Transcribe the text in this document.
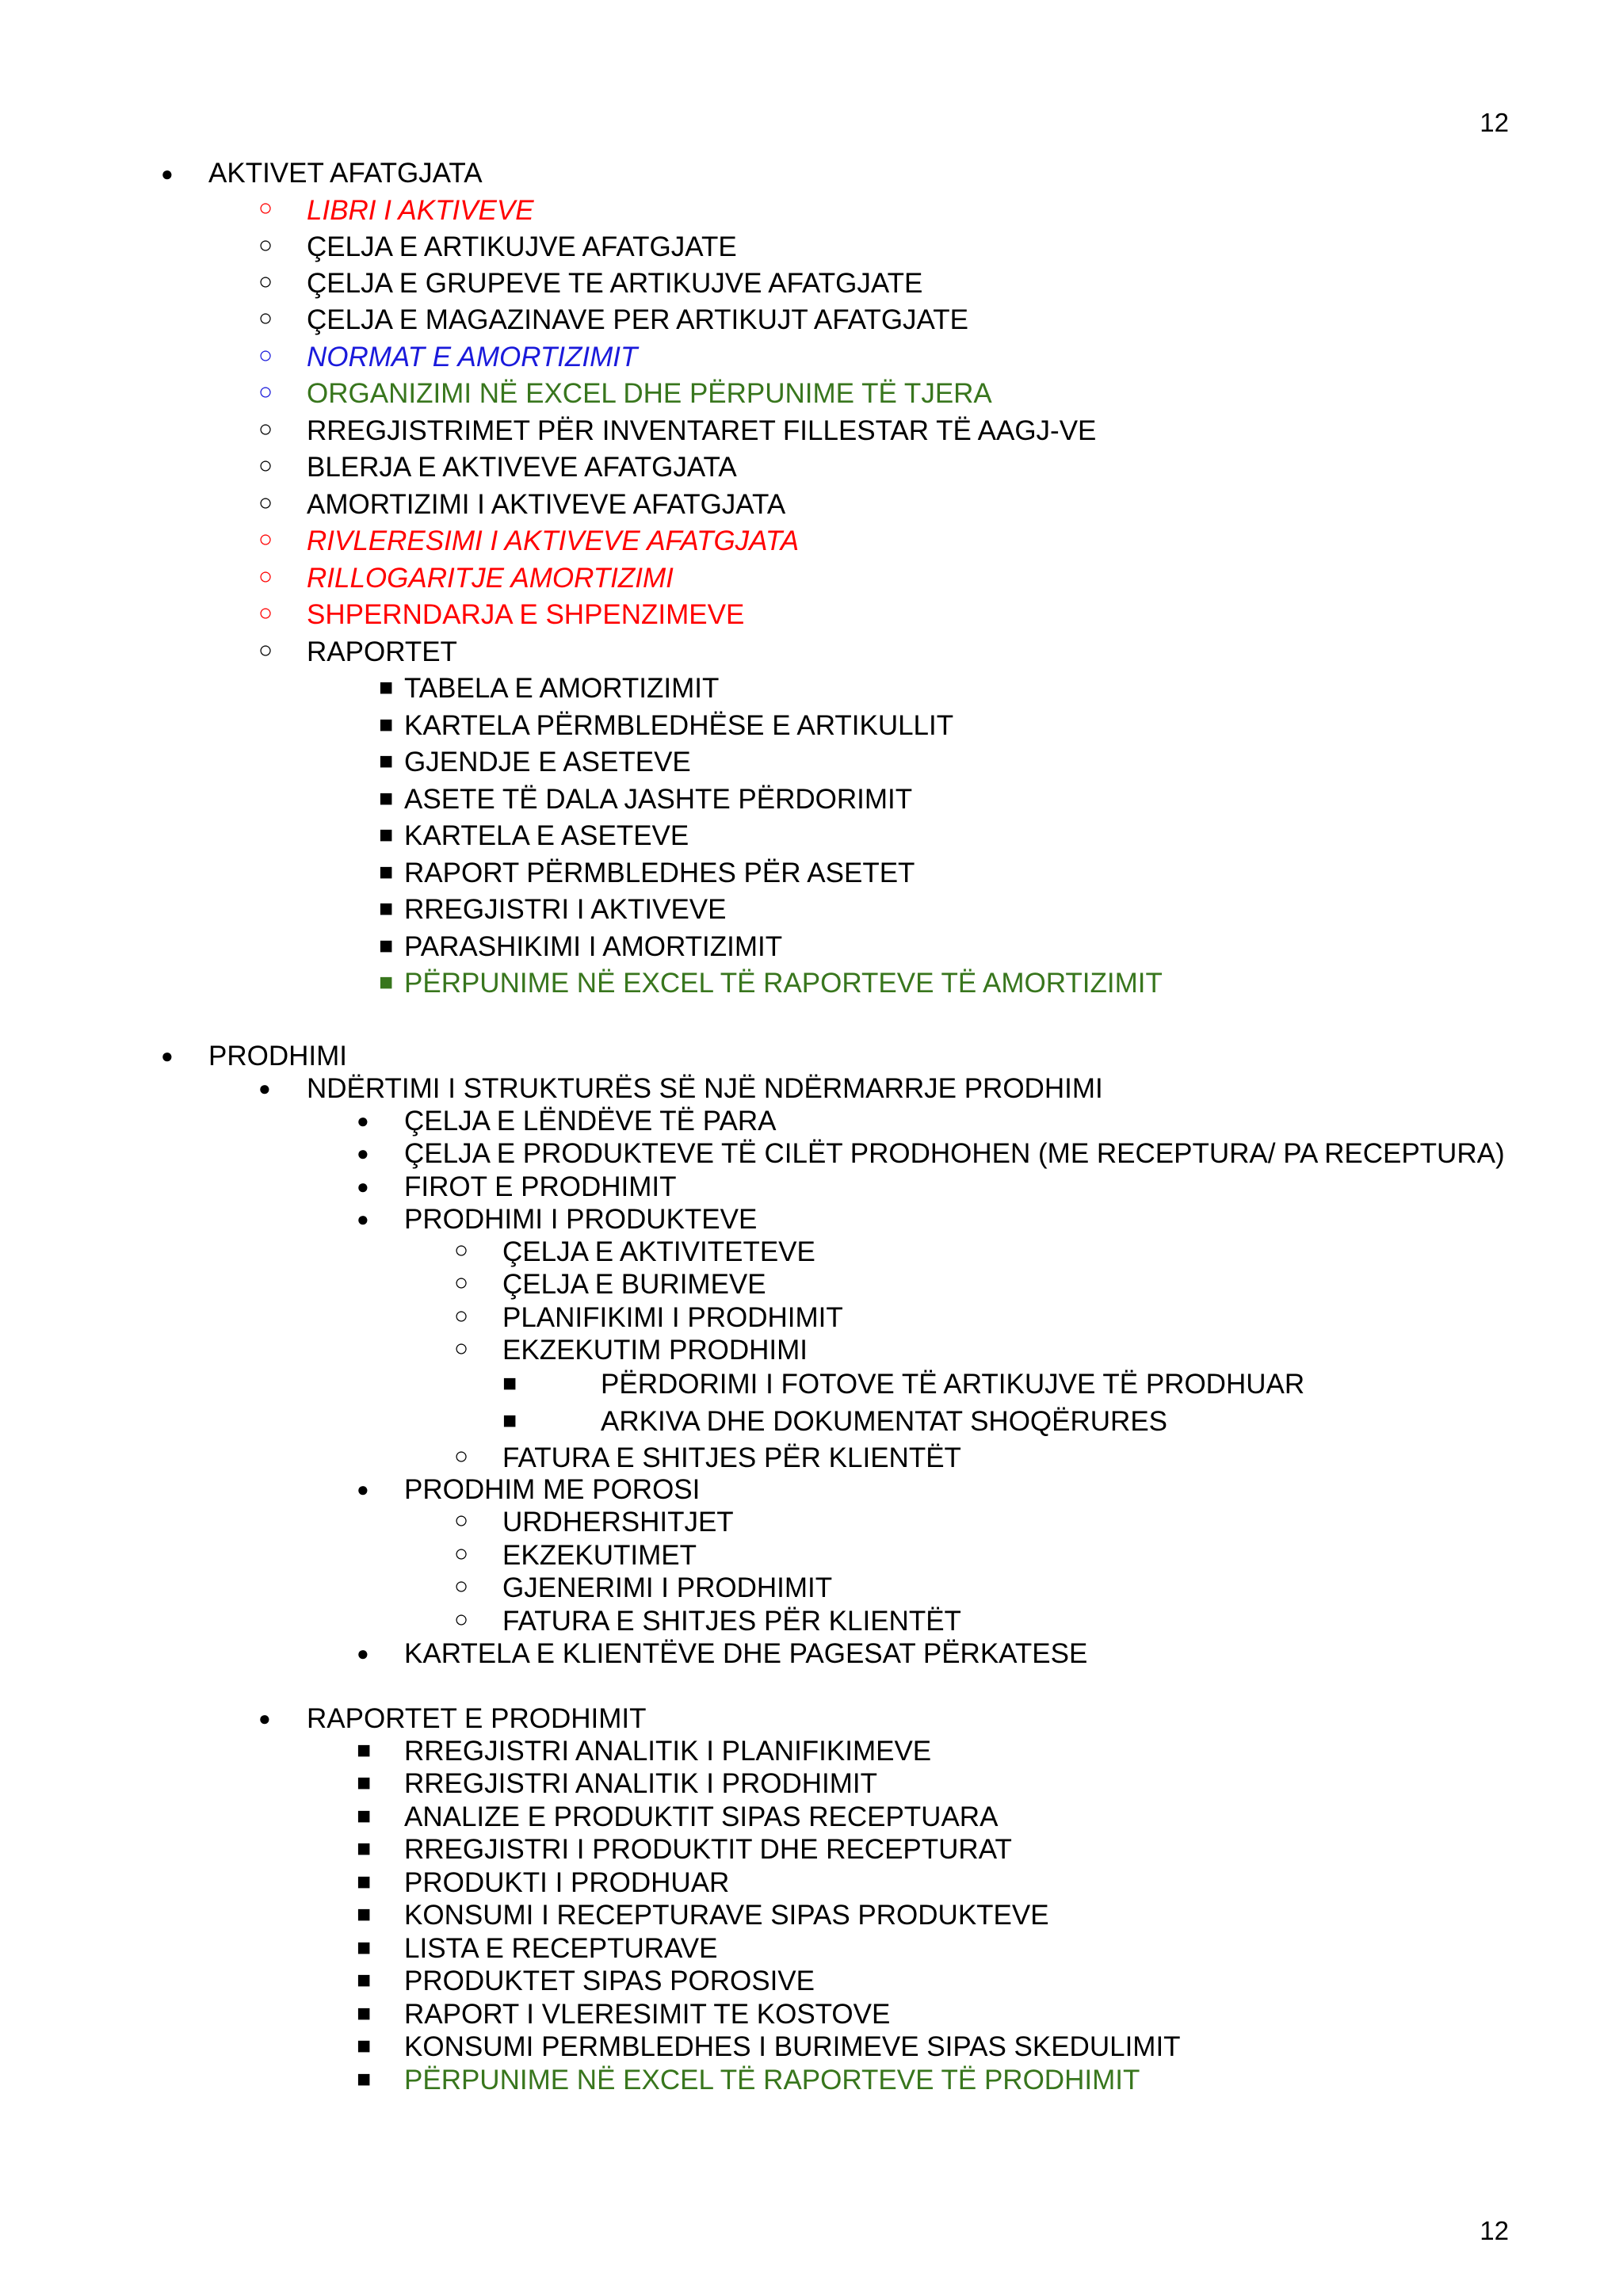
12
● AKTIVET AFATGJATA
○ LIBRI I AKTIVEVE
○ ÇELJA E ARTIKUJVE AFATGJATE
○ ÇELJA E GRUPEVE TE ARTIKUJVE AFATGJATE
○ ÇELJA E MAGAZINAVE PER ARTIKUJT AFATGJATE
○ NORMAT E AMORTIZIMIT
○ ORGANIZIMI NË EXCEL DHE PËRPUNIME TË TJERA
○ RREGJISTRIMET PËR INVENTARET FILLESTAR TË AAGJ-VE
○ BLERJA E AKTIVEVE AFATGJATA
○ AMORTIZIMI I AKTIVEVE AFATGJATA
○ RIVLERESIMI I AKTIVEVE AFATGJATA
○ RILLOGARITJE AMORTIZIMI
○ SHPERNDARJA E SHPENZIMEVE
○ RAPORTET
■ TABELA E AMORTIZIMIT
■ KARTELA PËRMBLEDHËSE E ARTIKULLIT
■ GJENDJE E ASETEVE
■ ASETE TË DALA JASHTE PËRDORIMIT
■ KARTELA E ASETEVE
■ RAPORT PËRMBLEDHES PËR ASETET
■ RREGJISTRI I AKTIVEVE
■ PARASHIKIMI I AMORTIZIMIT
■ PËRPUNIME NË EXCEL TË RAPORTEVE TË AMORTIZIMIT
● PRODHIMI
● NDËRTIMI I STRUKTURËS SË NJË NDËRMARRJE PRODHIMI
● ÇELJA E LËNDËVE TË PARA
● ÇELJA E PRODUKTEVE TË CILËT PRODHOHEN (ME RECEPTURA/ PA RECEPTURA)
● FIROT E PRODHIMIT
● PRODHIMI I PRODUKTEVE
○ ÇELJA E AKTIVITETEVE
○ ÇELJA E BURIMEVE
○ PLANIFIKIMI I PRODHIMIT
○ EKZEKUTIM PRODHIMI
■	PËRDORIMI I FOTOVE TË ARTIKUJVE TË PRODHUAR
■	ARKIVA DHE DOKUMENTAT SHOQËRURES
○ FATURA E SHITJES PËR KLIENTËT
● PRODHIM ME POROSI
○ URDHERSHITJET
○ EKZEKUTIMET
○ GJENERIMI I PRODHIMIT
○ FATURA E SHITJES PËR KLIENTËT
● KARTELA E KLIENTËVE DHE PAGESAT PËRKATESE
● RAPORTET E PRODHIMIT
■ RREGJISTRI ANALITIK I PLANIFIKIMEVE
■ RREGJISTRI ANALITIK I PRODHIMIT
■ ANALIZE E PRODUKTIT SIPAS RECEPTUARA
■ RREGJISTRI I PRODUKTIT DHE RECEPTURAT
■ PRODUKTI I PRODHUAR
■ KONSUMI I RECEPTURAVE SIPAS PRODUKTEVE
■ LISTA E RECEPTURAVE
■ PRODUKTET SIPAS POROSIVE
■ RAPORT I VLERESIMIT TE KOSTOVE
■ KONSUMI PERMBLEDHES I BURIMEVE SIPAS SKEDULIMIT
■ PËRPUNIME NË EXCEL TË RAPORTEVE TË PRODHIMIT
12
